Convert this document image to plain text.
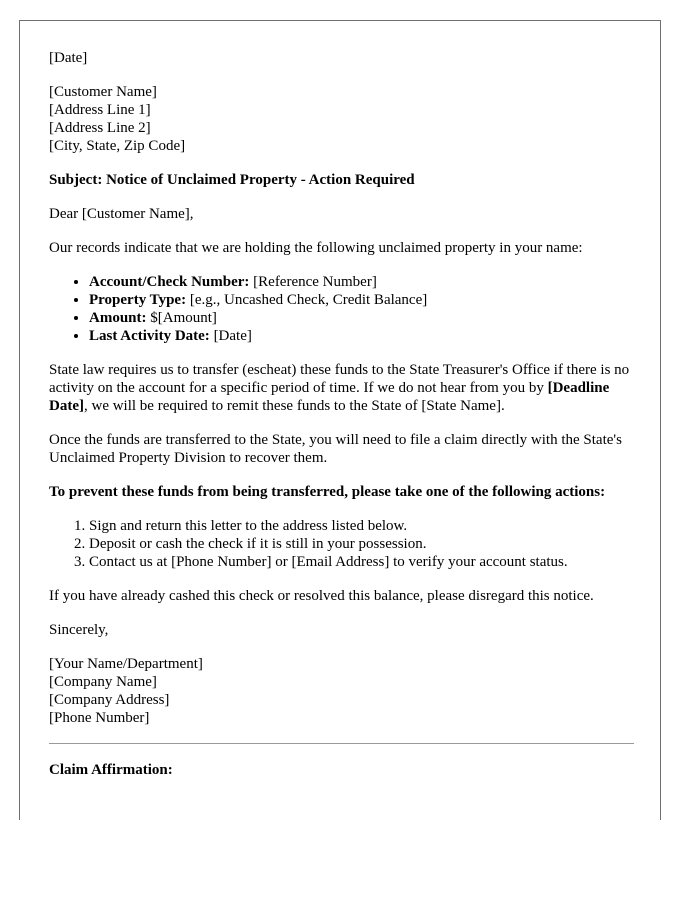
[Date]

[Customer Name]
[Address Line 1]
[Address Line 2]
[City, State, Zip Code]

Subject: Notice of Unclaimed Property - Action Required

Dear [Customer Name],

Our records indicate that we are holding the following unclaimed property in your name:

• Account/Check Number: [Reference Number]
• Property Type: [e.g., Uncashed Check, Credit Balance]
• Amount: $[Amount]
• Last Activity Date: [Date]

State law requires us to transfer (escheat) these funds to the State Treasurer's Office if there is no activity on the account for a specific period of time. If we do not hear from you by [Deadline Date], we will be required to remit these funds to the State of [State Name].

Once the funds are transferred to the State, you will need to file a claim directly with the State's Unclaimed Property Division to recover them.

To prevent these funds from being transferred, please take one of the following actions:

1. Sign and return this letter to the address listed below.
2. Deposit or cash the check if it is still in your possession.
3. Contact us at [Phone Number] or [Email Address] to verify your account status.

If you have already cashed this check or resolved this balance, please disregard this notice.

Sincerely,

[Your Name/Department]
[Company Name]
[Company Address]
[Phone Number]

Claim Affirmation:
